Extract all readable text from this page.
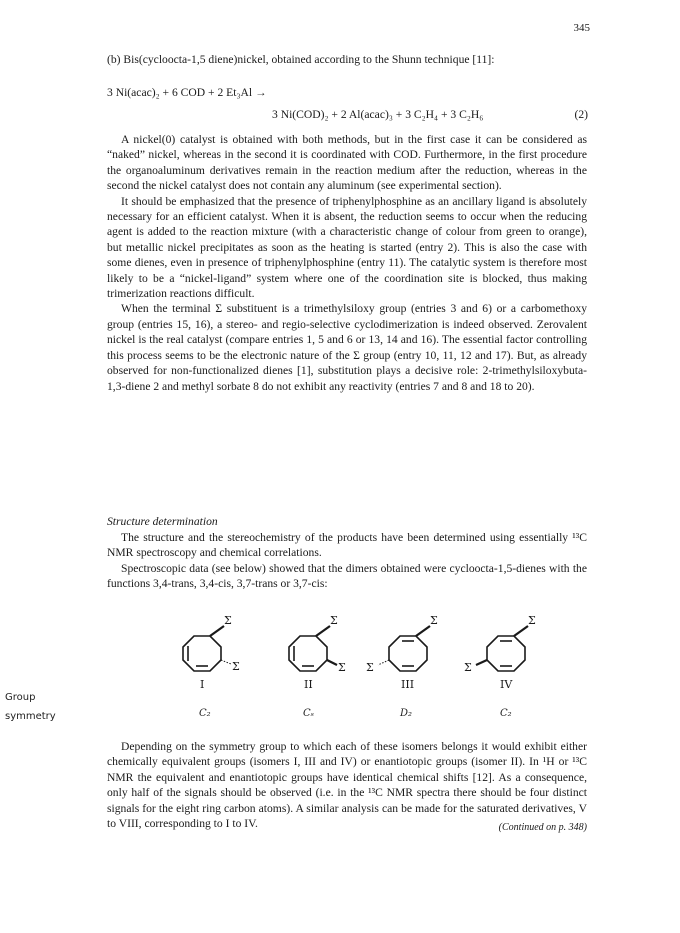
345

(b) Bis(cycloocta-1,5 diene)nickel, obtained according to the Shunn technique [11]:

3 Ni(acac)₂ + 6 COD + 2 Et₃Al →
3 Ni(COD)₂ + 2 Al(acac)₃ + 3 C₂H₄ + 3 C₂H₆	(2)

A nickel(0) catalyst is obtained with both methods, but in the first case it can be considered as “naked” nickel, whereas in the second it is coordinated with COD. Furthermore, in the first procedure the organoaluminum derivatives remain in the reaction medium after the reduction, whereas in the second the nickel catalyst does not contain any aluminum (see experimental section).

It should be emphasized that the presence of triphenylphosphine as an ancillary ligand is absolutely necessary for an efficient catalyst. When it is absent, the reduction seems to occur when the reducing agent is added to the reaction mixture (with a characteristic change of colour from green to orange), but metallic nickel precipitates as soon as the heating is started (entry 2). This is also the case with some dienes, even in presence of triphenylphosphine (entry 11). The catalytic system is therefore most likely to be a “nickel-ligand” system where one of the coordination site is blocked, thus making trimerization reactions difficult.

When the terminal Σ substituent is a trimethylsiloxy group (entries 3 and 6) or a carbomethoxy group (entries 15, 16), a stereo- and regio-selective cyclodimerization is indeed observed. Zerovalent nickel is the real catalyst (compare entries 1, 5 and 6 or 13, 14 and 16). The essential factor controlling this process seems to be the electronic nature of the Σ group (entry 10, 11, 12 and 17). But, as already observed for non-functionalized dienes [1], substitution plays a decisive role: 2-trimethylsiloxybuta-1,3-diene 2 and methyl sorbate 8 do not exhibit any reactivity (entries 7 and 8 and 18 to 20).

Structure determination

The structure and the stereochemistry of the products have been determined using essentially ¹³C NMR spectroscopy and chemical correlations.

Spectroscopic data (see below) showed that the dimers obtained were cycloocta-1,5-dienes with the functions 3,4-trans, 3,4-cis, 3,7-trans or 3,7-cis:

Σ
Σ
Σ
Σ
Σ
Σ
Σ
Σ
I	II	III	IV
Group
symmetry	C₂	Cₛ	D₂	C₂

Depending on the symmetry group to which each of these isomers belongs it would exhibit either chemically equivalent groups (isomers I, III and IV) or enantiotopic groups (isomer II). In ¹H or ¹³C NMR the equivalent and enantiotopic groups have identical chemical shifts [12]. As a consequence, only half of the signals should be observed (i.e. in the ¹³C NMR spectra there should be four distinct signals for the eight ring carbon atoms). A similar analysis can be made for the saturated derivatives, V to VIII, corresponding to I to IV.	(Continued on p. 348)
